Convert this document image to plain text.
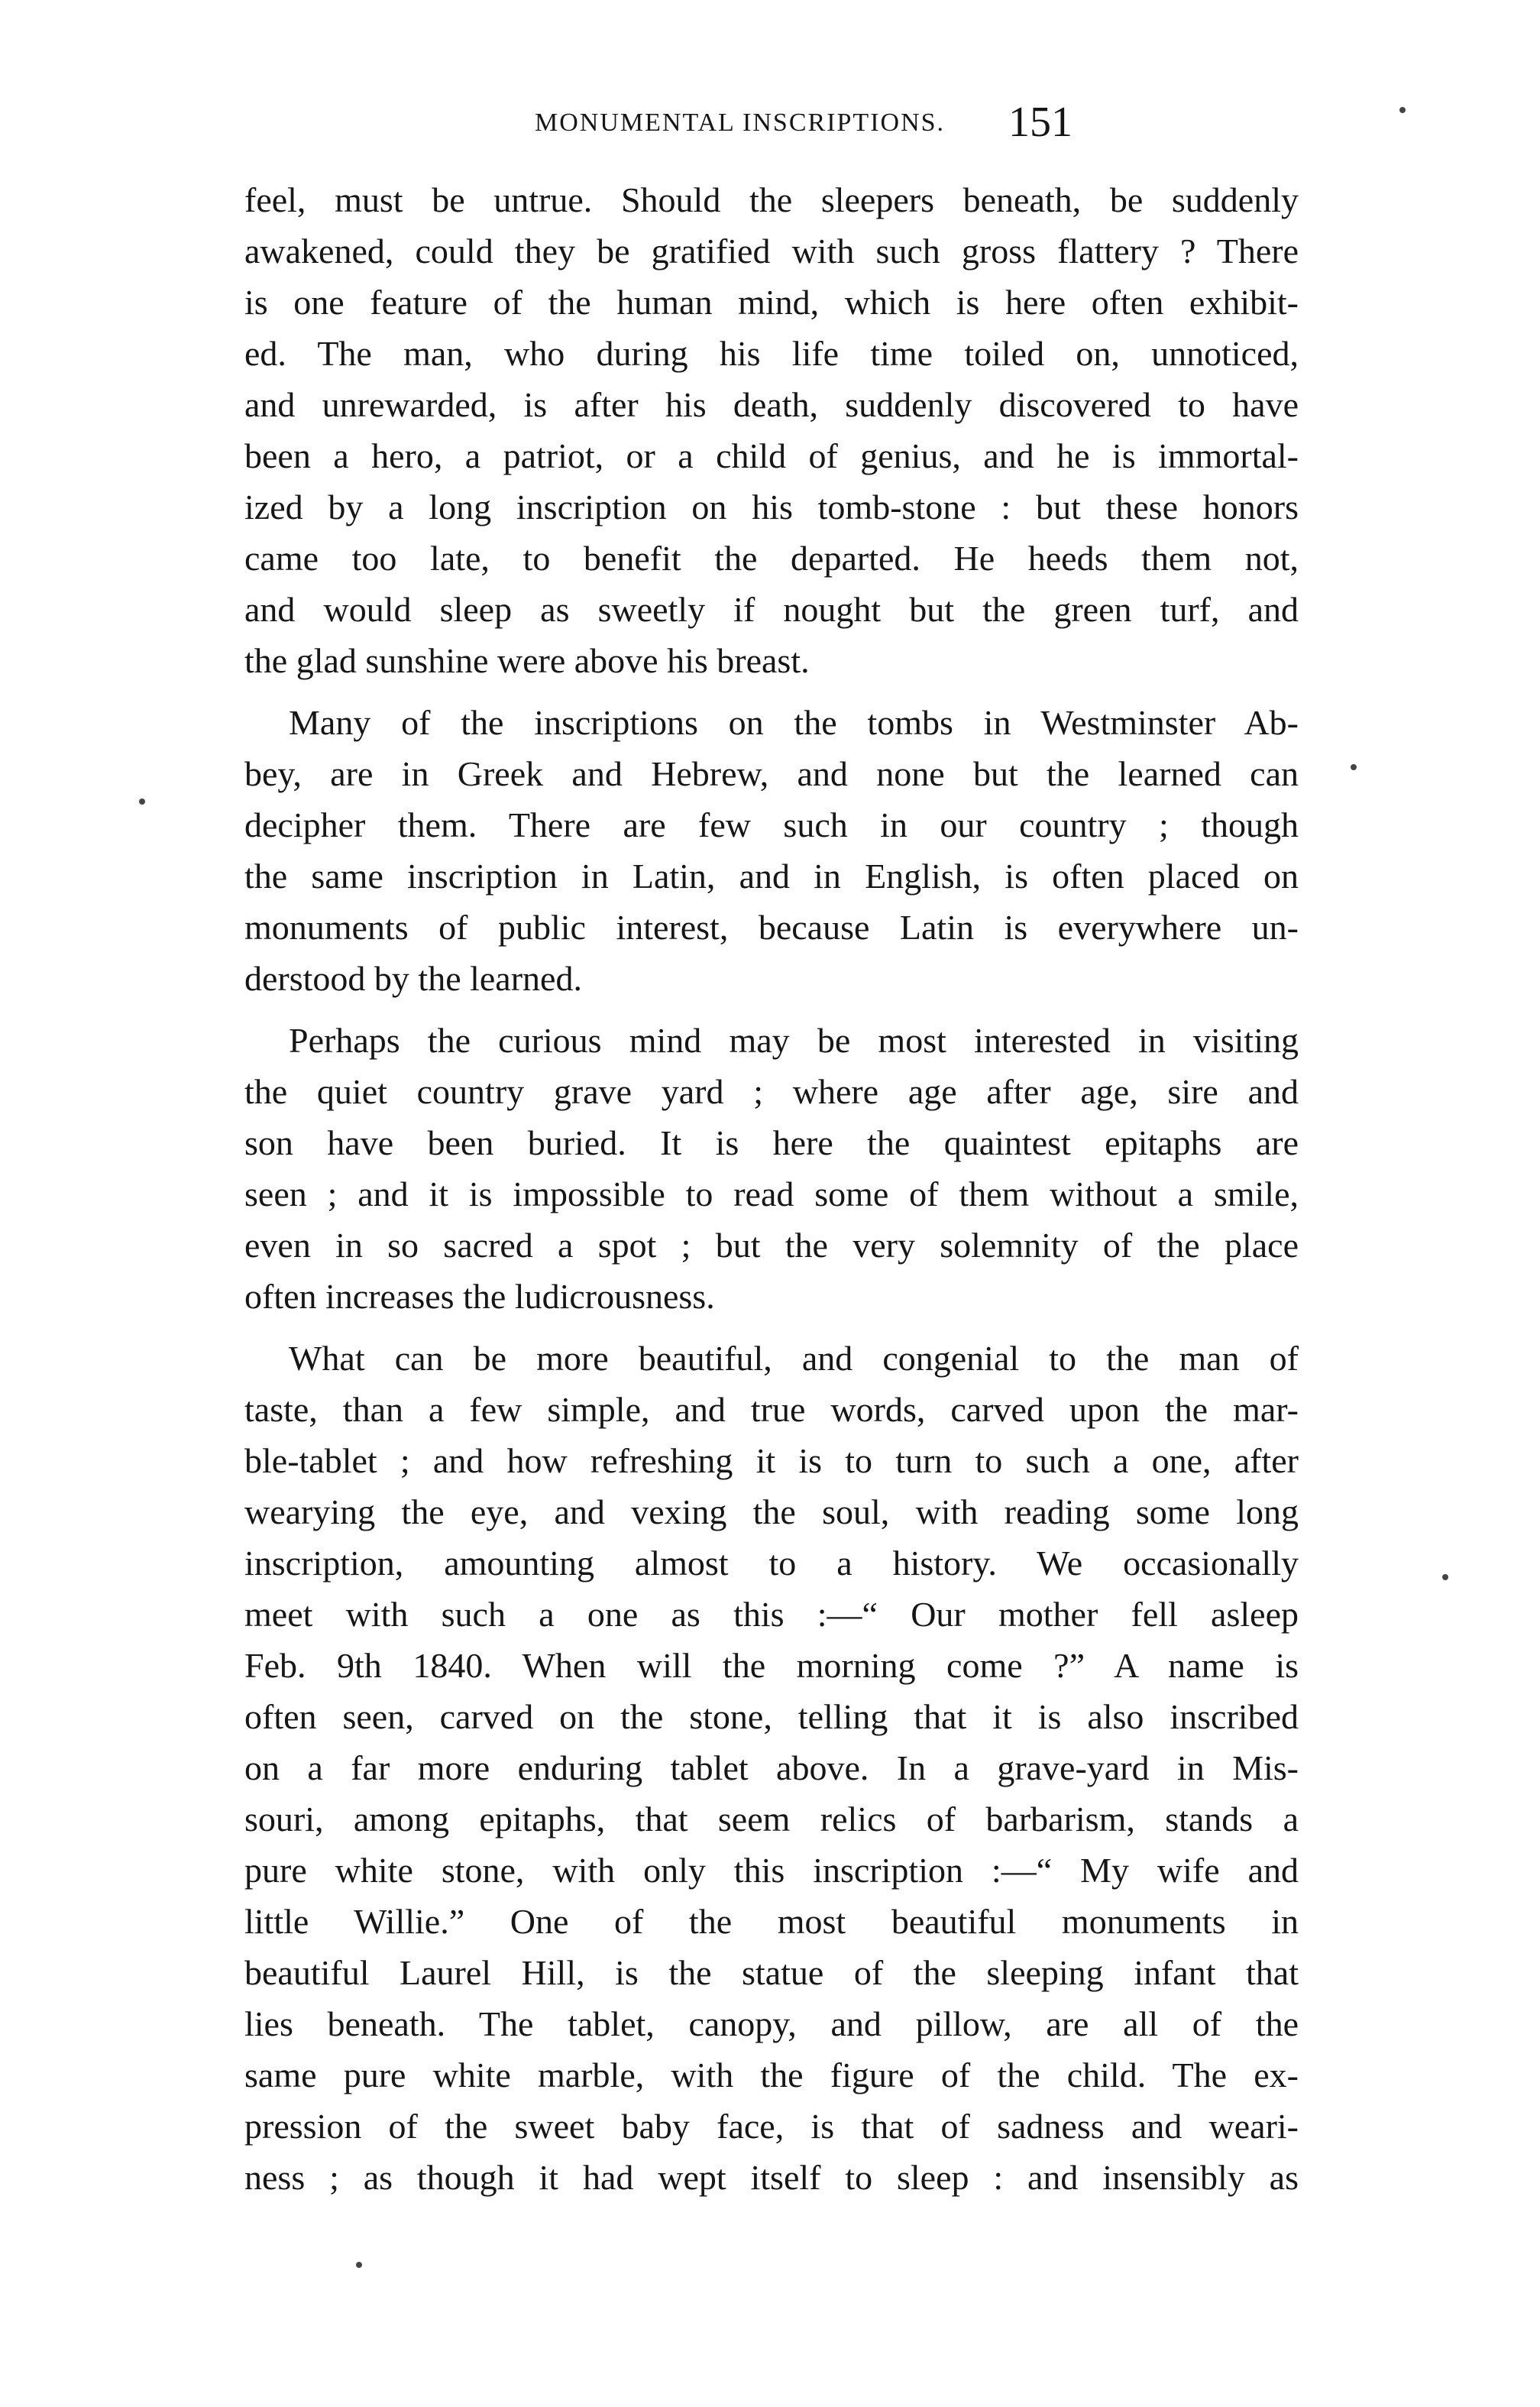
MONUMENTAL INSCRIPTIONS. 151
feel, must be untrue. Should the sleepers beneath, be suddenly
awakened, could they be gratified with such gross flattery ? There
is one feature of the human mind, which is here often exhibit-
ed. The man, who during his life time toiled on, unnoticed,
and unrewarded, is after his death, suddenly discovered to have
been a hero, a patriot, or a child of genius, and he is immortal-
ized by a long inscription on his tomb-stone : but these honors
came too late, to benefit the departed. He heeds them not,
and would sleep as sweetly if nought but the green turf, and
the glad sunshine were above his breast.
Many of the inscriptions on the tombs in Westminster Ab-
bey, are in Greek and Hebrew, and none but the learned can
decipher them. There are few such in our country ; though
the same inscription in Latin, and in English, is often placed on
monuments of public interest, because Latin is everywhere un-
derstood by the learned.
Perhaps the curious mind may be most interested in visiting
the quiet country grave yard ; where age after age, sire and
son have been buried. It is here the quaintest epitaphs are
seen ; and it is impossible to read some of them without a smile,
even in so sacred a spot ; but the very solemnity of the place
often increases the ludicrousness.
What can be more beautiful, and congenial to the man of
taste, than a few simple, and true words, carved upon the mar-
ble-tablet ; and how refreshing it is to turn to such a one, after
wearying the eye, and vexing the soul, with reading some long
inscription, amounting almost to a history. We occasionally
meet with such a one as this :—“ Our mother fell asleep
Feb. 9th 1840. When will the morning come ?” A name is
often seen, carved on the stone, telling that it is also inscribed
on a far more enduring tablet above. In a grave-yard in Mis-
souri, among epitaphs, that seem relics of barbarism, stands a
pure white stone, with only this inscription :—“ My wife and
little Willie.” One of the most beautiful monuments in
beautiful Laurel Hill, is the statue of the sleeping infant that
lies beneath. The tablet, canopy, and pillow, are all of the
same pure white marble, with the figure of the child. The ex-
pression of the sweet baby face, is that of sadness and weari-
ness ; as though it had wept itself to sleep : and insensibly as
